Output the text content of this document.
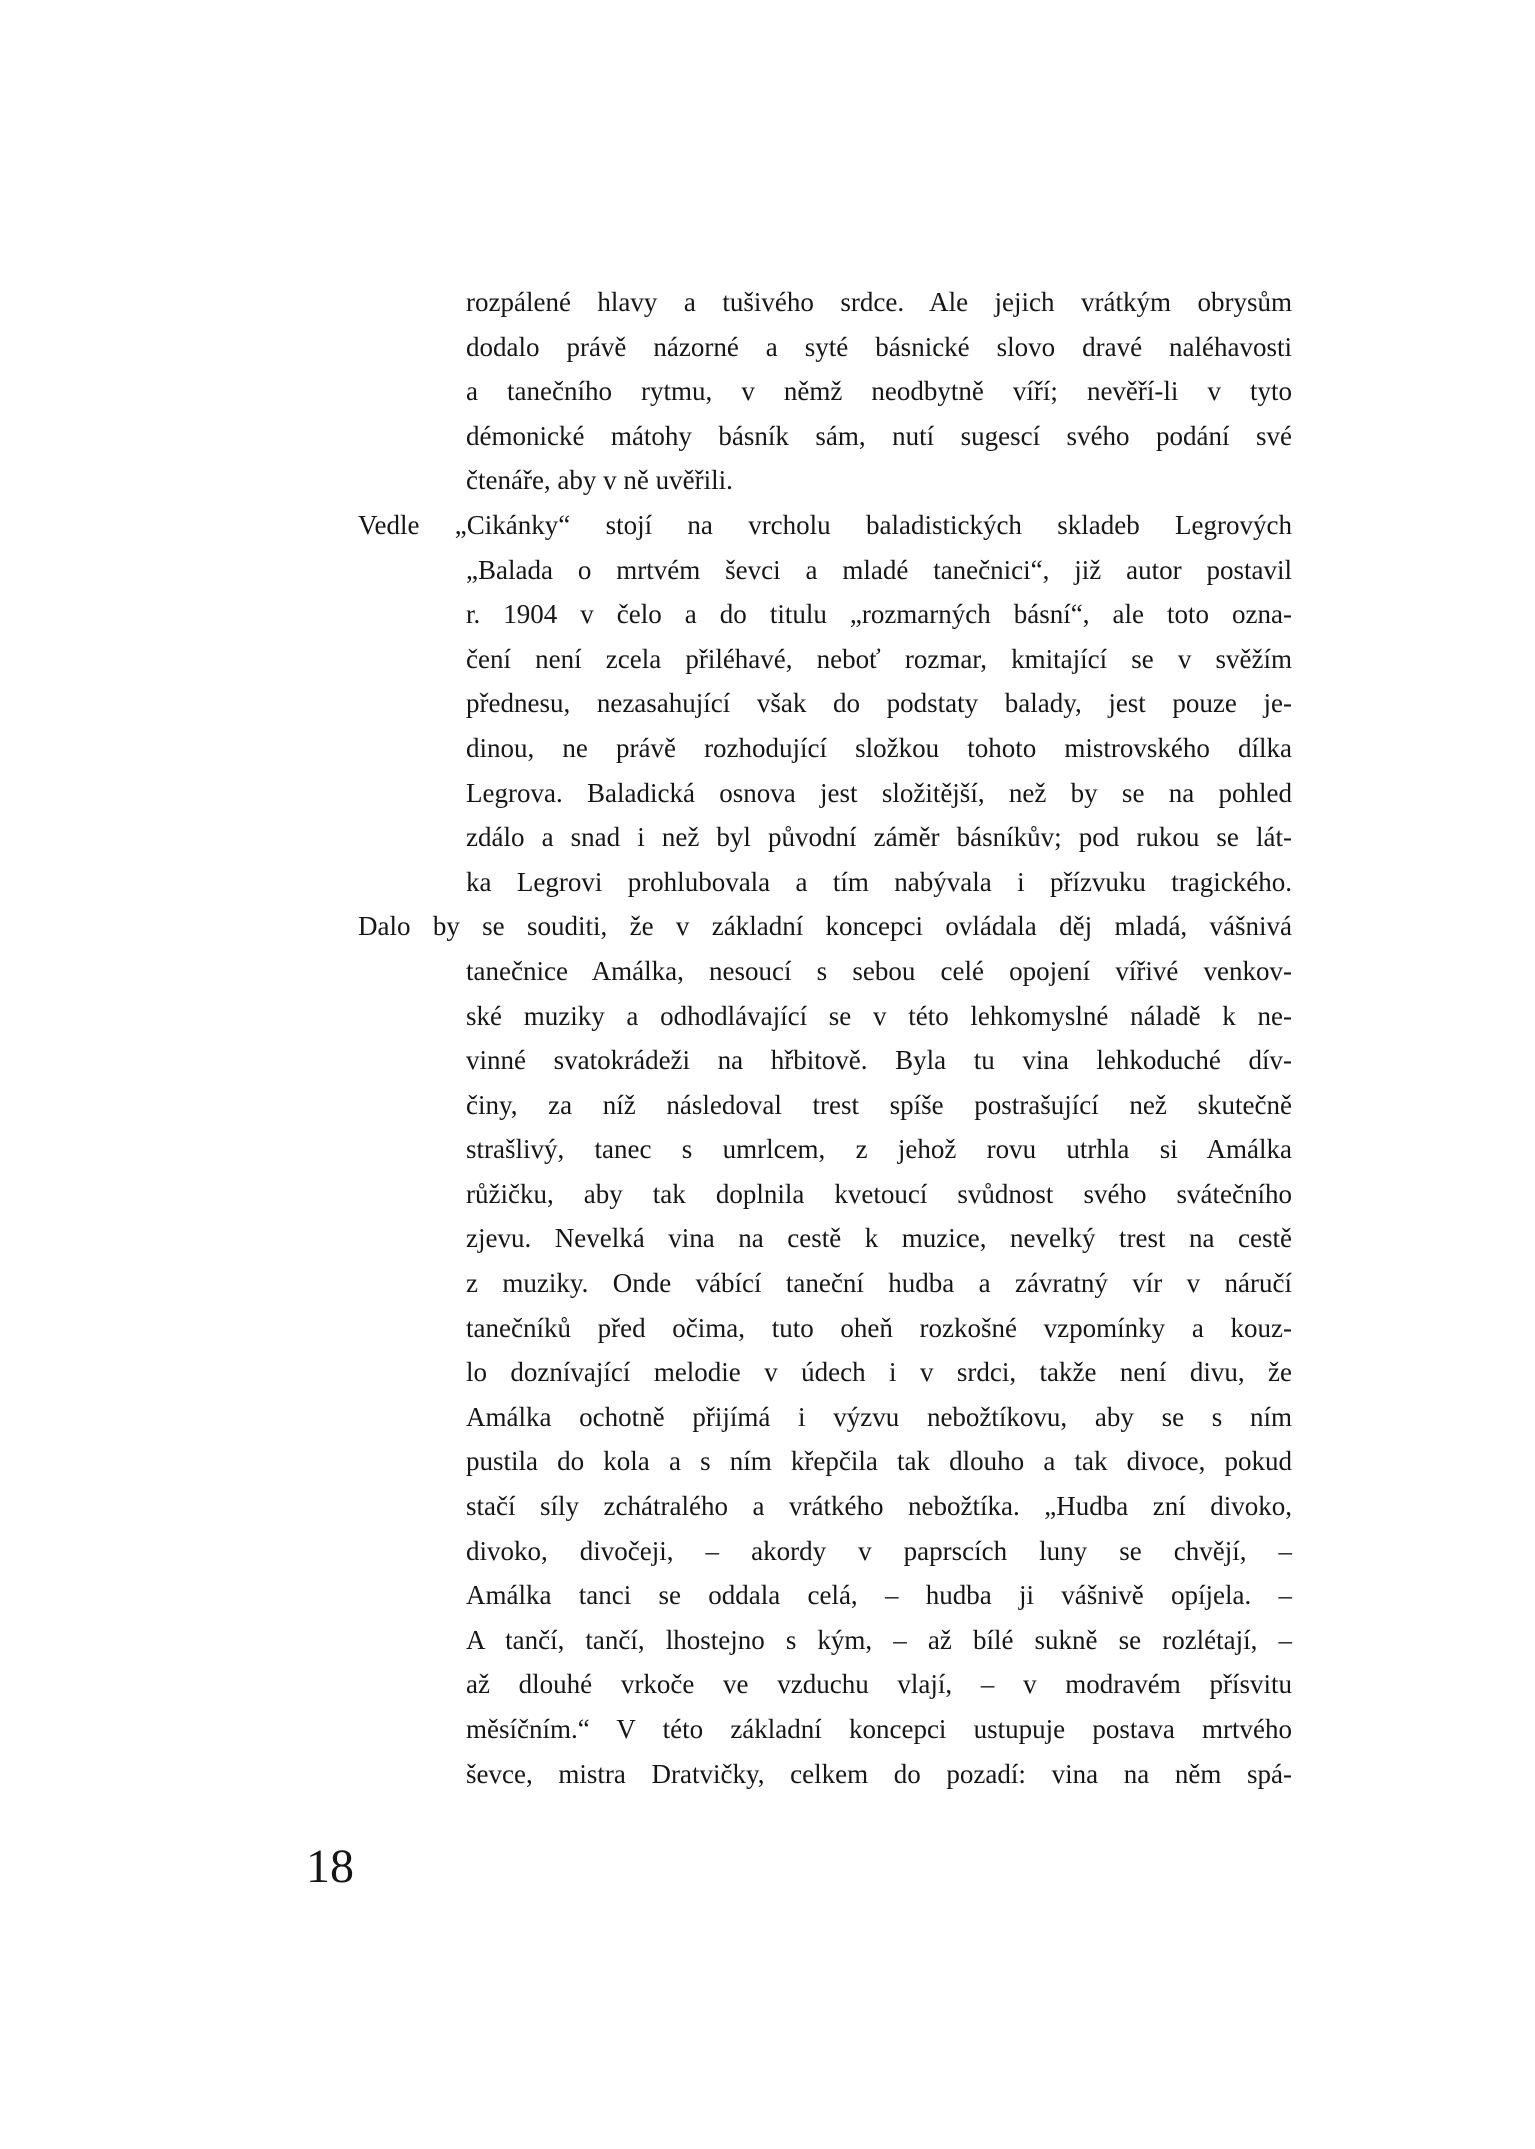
rozpálené hlavy a tušivého srdce. Ale jejich vrátkým obrysům
dodalo právě názorné a syté básnické slovo dravé naléhavosti
a tanečního rytmu, v němž neodbytně víří; nevěří-li v tyto
démonické mátohy básník sám, nutí sugescí svého podání své
čtenáře, aby v ně uvěřili.
Vedle „Cikánky“ stojí na vrcholu baladistických skladeb Legrových
„Balada o mrtvém ševci a mladé tanečnici“, již autor postavil
r. 1904 v čelo a do titulu „rozmarných básní“, ale toto ozna-
čení není zcela přiléhavé, neboť rozmar, kmitající se v svěžím
přednesu, nezasahující však do podstaty balady, jest pouze je-
dinou, ne právě rozhodující složkou tohoto mistrovského dílka
Legrova. Baladická osnova jest složitější, než by se na pohled
zdálo a snad i než byl původní záměr básníkův; pod rukou se lát-
ka Legrovi prohlubovala a tím nabývala i přízvuku tragického.
Dalo by se souditi, že v základní koncepci ovládala děj mladá, vášnivá
tanečnice Amálka, nesoucí s sebou celé opojení vířivé venkov-
ské muziky a odhodlávající se v této lehkomyslné náladě k ne-
vinné svatokrádeži na hřbitově. Byla tu vina lehkoduché dív-
činy, za níž následoval trest spíše postrašující než skutečně
strašlivý, tanec s umrlcem, z jehož rovu utrhla si Amálka
růžičku, aby tak doplnila kvetoucí svůdnost svého svátečního
zjevu. Nevelká vina na cestě k muzice, nevelký trest na cestě
z muziky. Onde vábící taneční hudba a závratný vír v náručí
tanečníků před očima, tuto oheň rozkošné vzpomínky a kouz-
lo doznívající melodie v údech i v srdci, takže není divu, že
Amálka ochotně přijímá i výzvu nebožtíkovu, aby se s ním
pustila do kola a s ním křepčila tak dlouho a tak divoce, pokud
stačí síly zchátralého a vrátkého nebožtíka. „Hudba zní divoko,
divoko, divočeji, – akordy v paprscích luny se chvějí, –
Amálka tanci se oddala celá, – hudba ji vášnivě opíjela. –
A tančí, tančí, lhostejno s kým, – až bílé sukně se rozlétají, –
až dlouhé vrkoče ve vzduchu vlají, – v modravém přísvitu
měsíčním.“ V této základní koncepci ustupuje postava mrtvého
ševce, mistra Dratvičky, celkem do pozadí: vina na něm spá-
18
